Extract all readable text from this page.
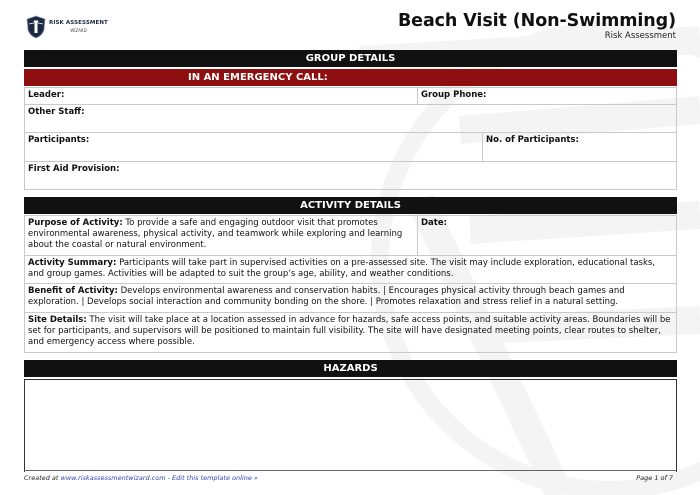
RISK ASSESSMENT
WIZARD	Beach Visit (Non-Swimming)
Risk Assessment
GROUP DETAILS
IN AN EMERGENCY CALL:
Leader:	Group Phone:
Other Staff:
Participants:	No. of Participants:
First Aid Provision:
ACTIVITY DETAILS
Purpose of Activity: To provide a safe and engaging outdoor visit that promotes environmental awareness, physical activity, and teamwork while exploring and learning about the coastal or natural environment.
Date:
Activity Summary: Participants will take part in supervised activities on a pre-assessed site. The visit may include exploration, educational tasks, and group games. Activities will be adapted to suit the group’s age, ability, and weather conditions.
Benefit of Activity: Develops environmental awareness and conservation habits. | Encourages physical activity through beach games and exploration. | Develops social interaction and community bonding on the shore. | Promotes relaxation and stress relief in a natural setting.
Site Details: The visit will take place at a location assessed in advance for hazards, safe access points, and suitable activity areas. Boundaries will be set for participants, and supervisors will be positioned to maintain full visibility. The site will have designated meeting points, clear routes to shelter, and emergency access where possible.
HAZARDS
Created at www.riskassessmentwizard.com - Edit this template online »	Page 1 of 7
